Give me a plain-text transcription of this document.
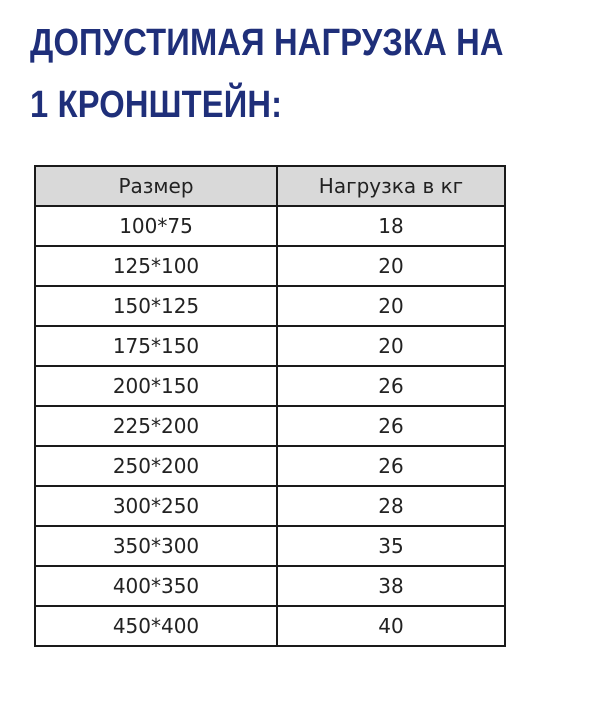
ДОПУСТИМАЯ НАГРУЗКА НА
1 КРОНШТЕЙН:
Размер	Нагрузка в кг
100*75	18
125*100	20
150*125	20
175*150	20
200*150	26
225*200	26
250*200	26
300*250	28
350*300	35
400*350	38
450*400	40
